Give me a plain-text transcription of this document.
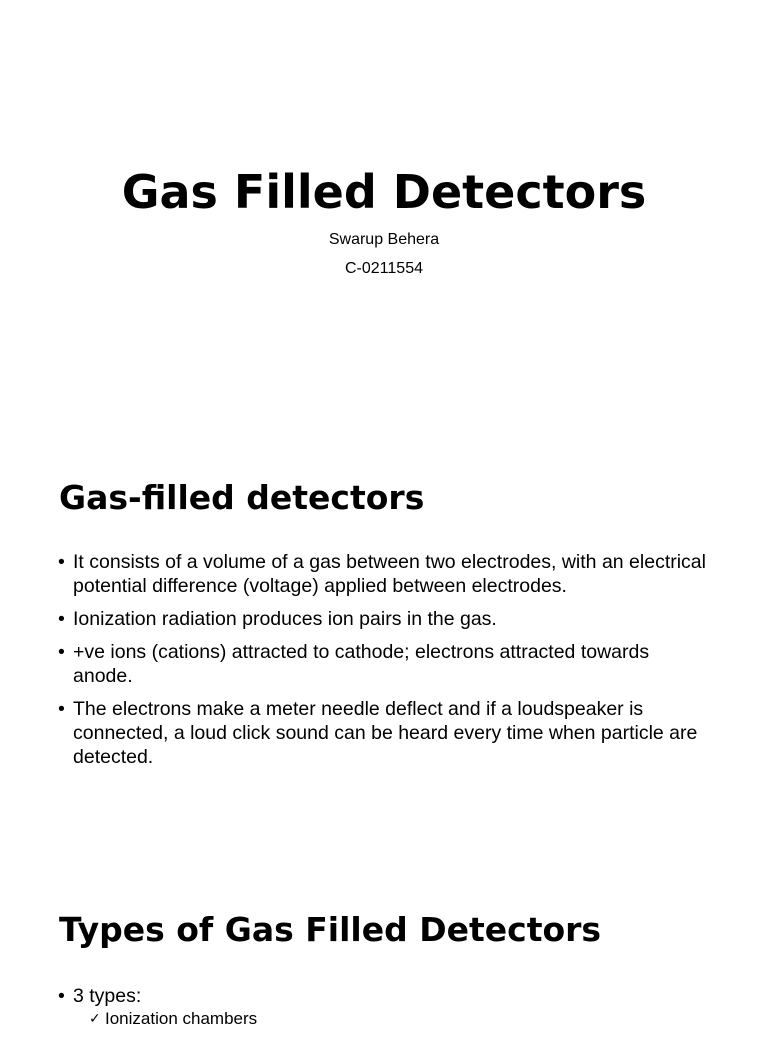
Gas Filled Detectors

Swarup Behera

C-0211554

Gas-filled detectors
• It consists of a volume of a gas between two electrodes, with an electrical potential difference (voltage) applied between electrodes.
• Ionization radiation produces ion pairs in the gas.
• +ve ions (cations) attracted to cathode; electrons attracted towards anode.
• The electrons make a meter needle deflect and if a loudspeaker is connected, a loud click sound can be heard every time when particle are detected.
Types of Gas Filled Detectors
• 3 types:
✓ Ionization chambers
